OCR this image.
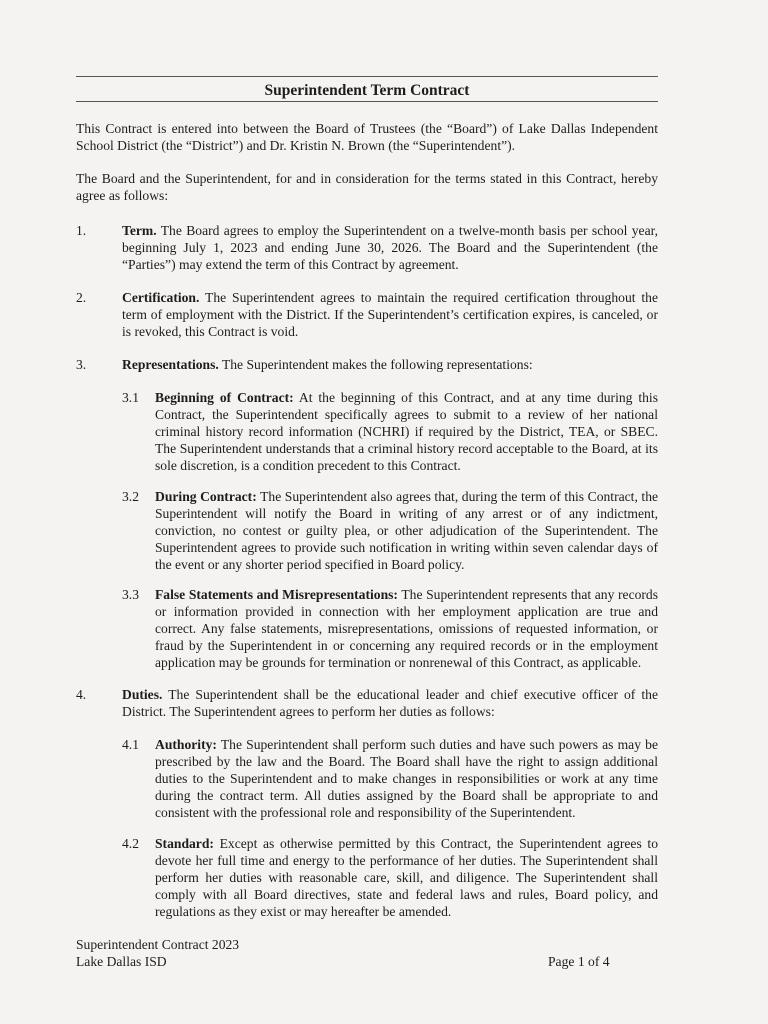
Superintendent Term Contract
This Contract is entered into between the Board of Trustees (the “Board”) of Lake Dallas Independent School District (the “District”) and Dr. Kristin N. Brown (the “Superintendent”).
The Board and the Superintendent, for and in consideration for the terms stated in this Contract, hereby agree as follows:
1.	Term. The Board agrees to employ the Superintendent on a twelve-month basis per school year, beginning July 1, 2023 and ending June 30, 2026. The Board and the Superintendent (the “Parties”) may extend the term of this Contract by agreement.
2.	Certification. The Superintendent agrees to maintain the required certification throughout the term of employment with the District. If the Superintendent’s certification expires, is canceled, or is revoked, this Contract is void.
3.	Representations. The Superintendent makes the following representations:
3.1 Beginning of Contract: At the beginning of this Contract, and at any time during this Contract, the Superintendent specifically agrees to submit to a review of her national criminal history record information (NCHRI) if required by the District, TEA, or SBEC. The Superintendent understands that a criminal history record acceptable to the Board, at its sole discretion, is a condition precedent to this Contract.
3.2 During Contract: The Superintendent also agrees that, during the term of this Contract, the Superintendent will notify the Board in writing of any arrest or of any indictment, conviction, no contest or guilty plea, or other adjudication of the Superintendent. The Superintendent agrees to provide such notification in writing within seven calendar days of the event or any shorter period specified in Board policy.
3.3 False Statements and Misrepresentations: The Superintendent represents that any records or information provided in connection with her employment application are true and correct. Any false statements, misrepresentations, omissions of requested information, or fraud by the Superintendent in or concerning any required records or in the employment application may be grounds for termination or nonrenewal of this Contract, as applicable.
4.	Duties. The Superintendent shall be the educational leader and chief executive officer of the District. The Superintendent agrees to perform her duties as follows:
4.1 Authority: The Superintendent shall perform such duties and have such powers as may be prescribed by the law and the Board. The Board shall have the right to assign additional duties to the Superintendent and to make changes in responsibilities or work at any time during the contract term. All duties assigned by the Board shall be appropriate to and consistent with the professional role and responsibility of the Superintendent.
4.2 Standard: Except as otherwise permitted by this Contract, the Superintendent agrees to devote her full time and energy to the performance of her duties. The Superintendent shall perform her duties with reasonable care, skill, and diligence. The Superintendent shall comply with all Board directives, state and federal laws and rules, Board policy, and regulations as they exist or may hereafter be amended.
Superintendent Contract 2023
Lake Dallas ISD	Page 1 of 4
